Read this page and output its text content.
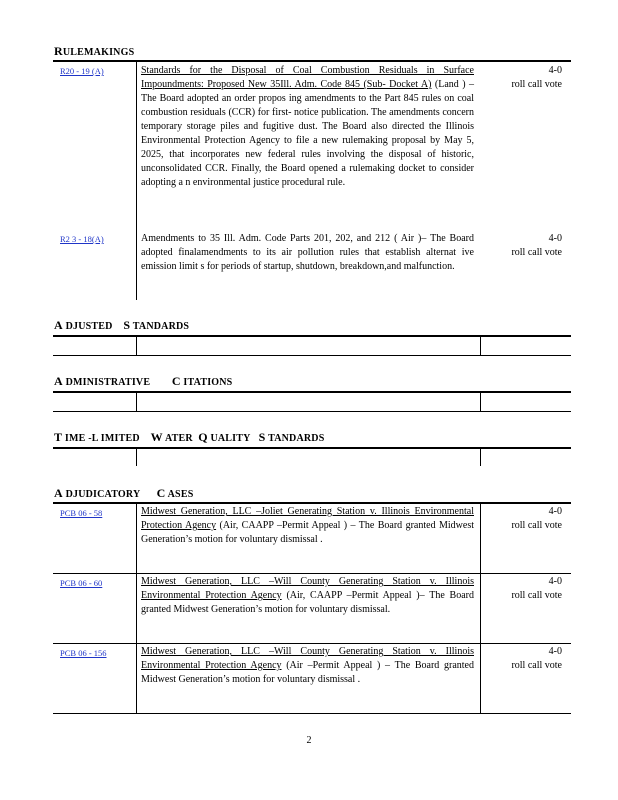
RULEMAKINGS
R20 - 19 (A)	Standards for the Disposal of Coal Combustion Residuals in Surface Impoundments: Proposed New 35Ill. Adm. Code 845 (Sub- Docket A) (Land ) – The Board adopted an order propos ing amendments to the Part 845 rules on coal combustion residuals (CCR) for first- notice publication. The amendments concern temporary storage piles and fugitive dust. The Board also directed the Illinois Environmental Protection Agency to file a new rulemaking proposal by May 5, 2025, that incorporates new federal rules involving the disposal of historic, unconsolidated CCR. Finally, the Board opened a rulemaking docket to consider adopting a n environmental justice procedural rule.
4-0
roll call vote
R2 3 - 18(A)	Amendments to 35 Ill. Adm. Code Parts 201, 202, and 212 ( Air )– The Board adopted finalamendments to its air pollution rules that establish alternat ive emission limit s for periods of startup, shutdown, breakdown,and malfunction.
4-0
roll call vote
A DJUSTED S TANDARDS
A DMINISTRATIVE C ITATIONS
T IME -L IMITED W ATER Q UALITY S TANDARDS
A DJUDICATORY C ASES
PCB 06 - 58	Midwest Generation, LLC –Joliet Generating Station v. Illinois Environmental Protection Agency (Air, CAAPP –Permit Appeal ) – The Board granted Midwest Generation’s motion for voluntary dismissal .
4-0
roll call vote
PCB 06 - 60	Midwest Generation, LLC –Will County Generating Station v. Illinois Environmental Protection Agency (Air, CAAPP –Permit Appeal )– The Board granted Midwest Generation’s motion for voluntary dismissal.
4-0
roll call vote
PCB 06 - 156	Midwest Generation, LLC –Will County Generating Station v. Illinois Environmental Protection Agency (Air –Permit Appeal ) – The Board granted Midwest Generation’s motion for voluntary dismissal .
4-0
roll call vote
2
